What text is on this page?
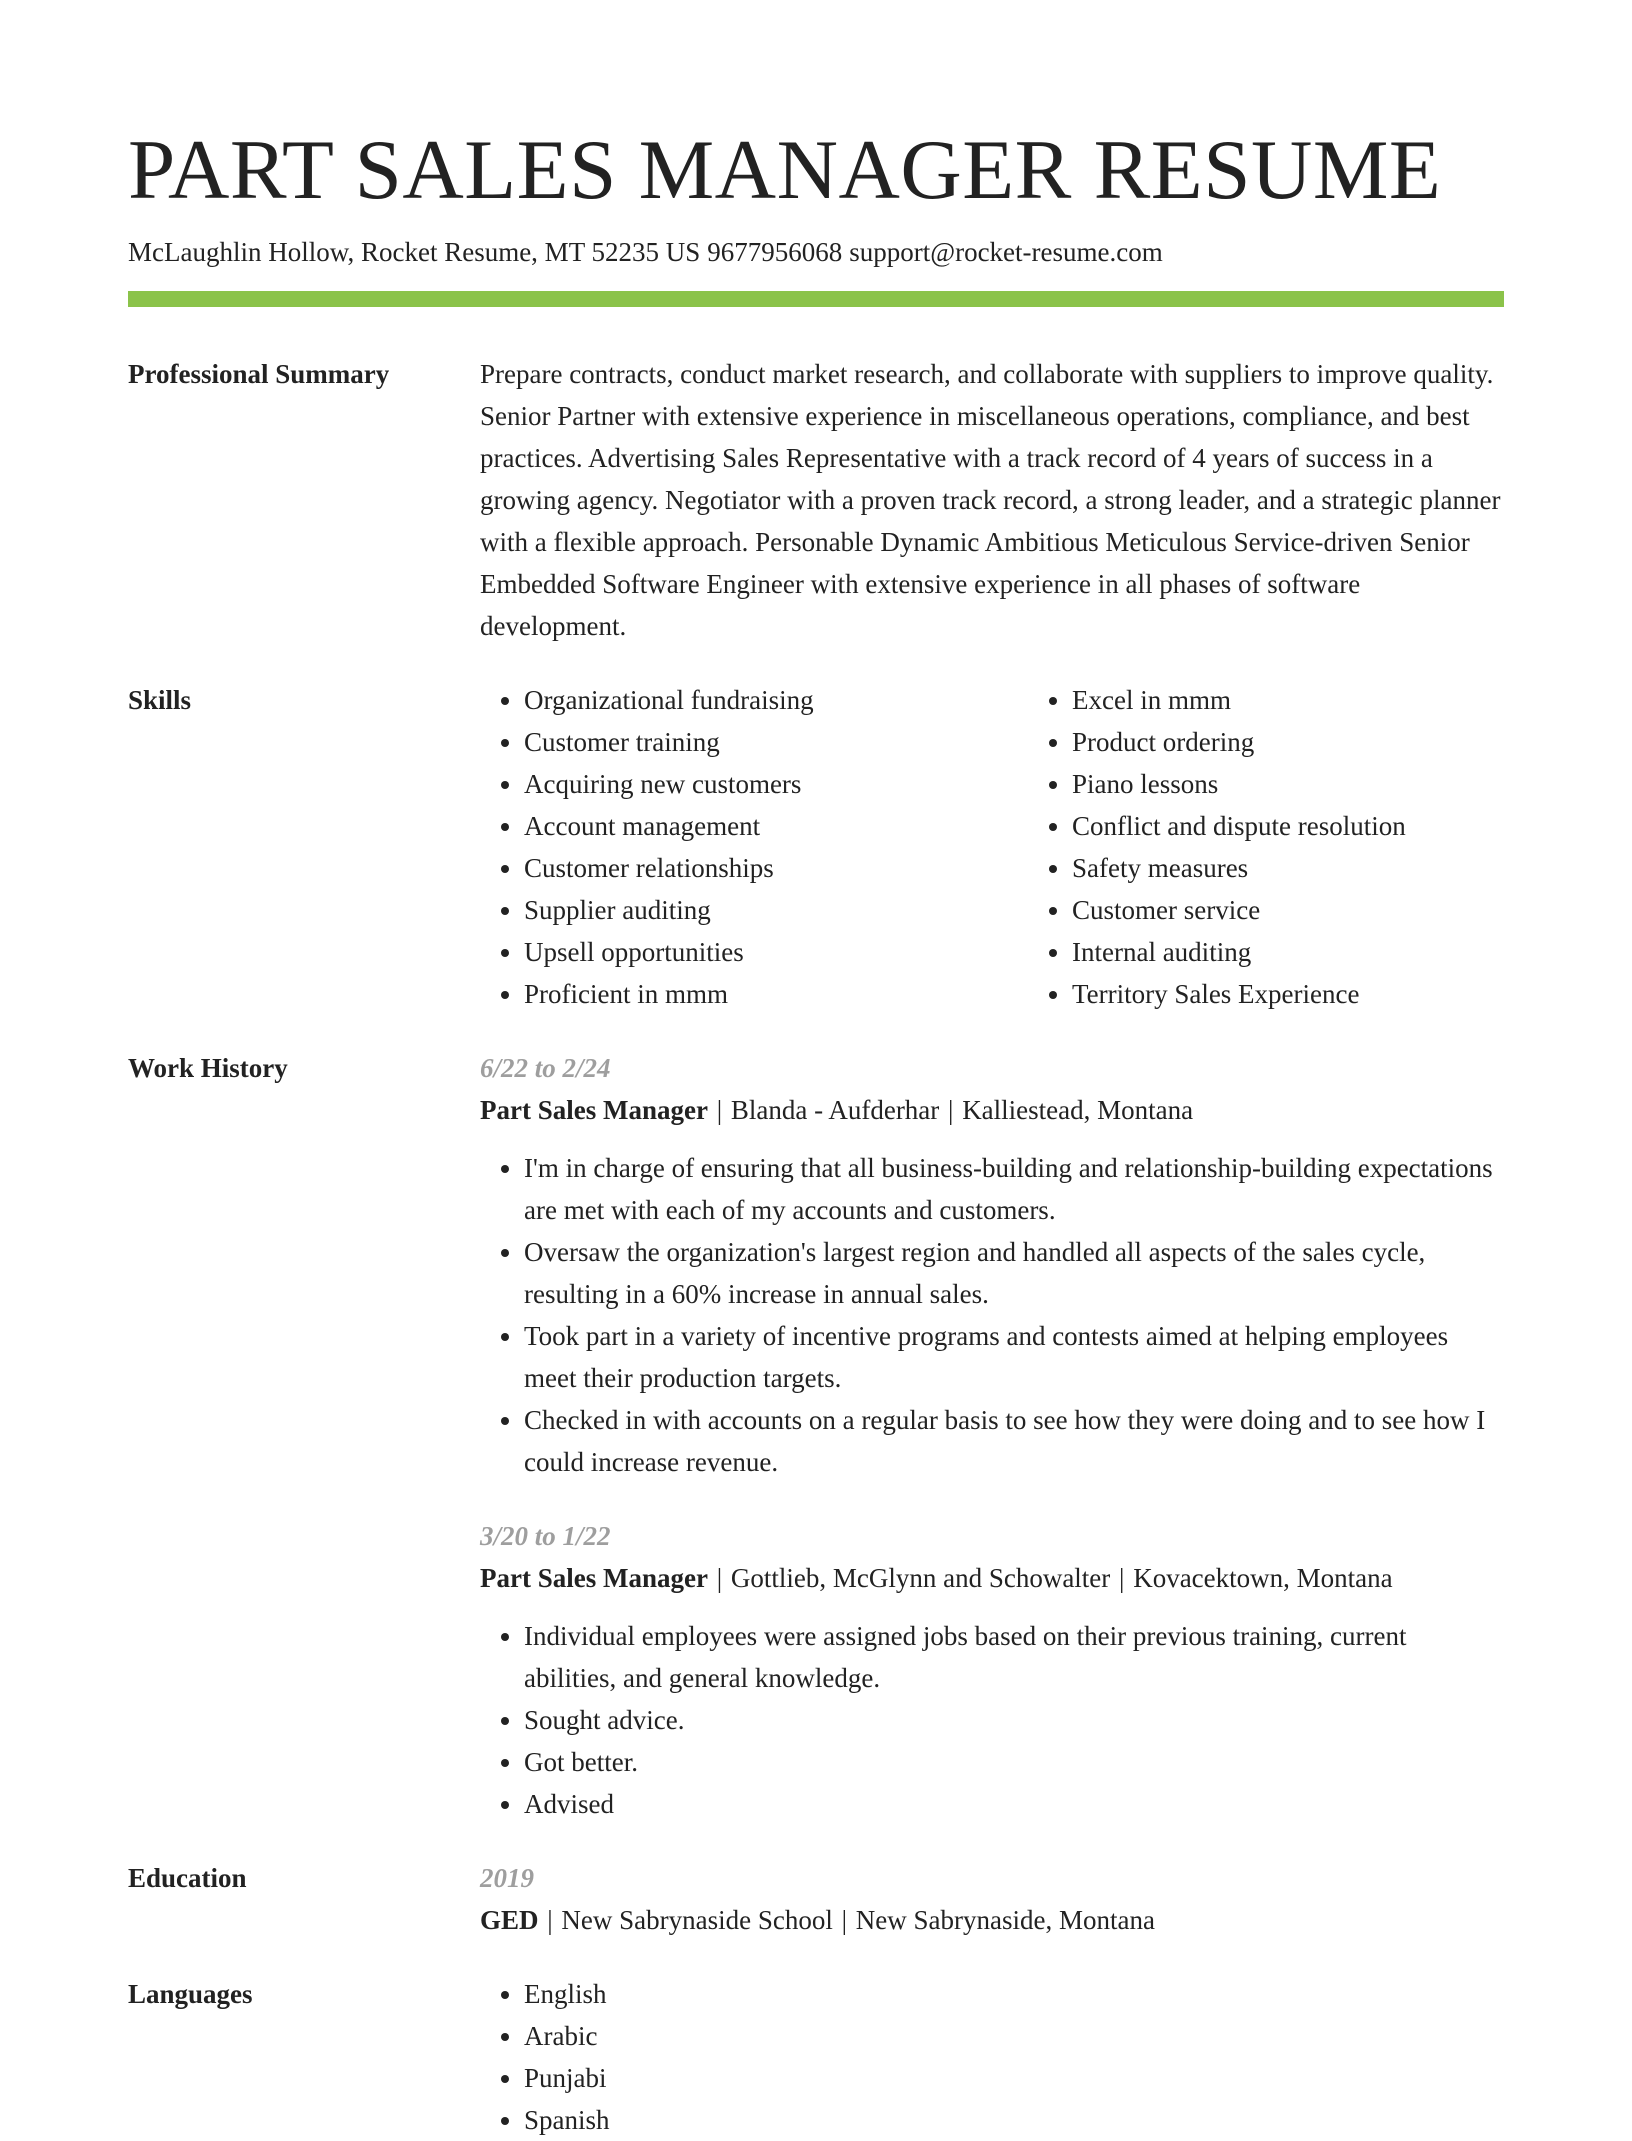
PART SALES MANAGER RESUME
McLaughlin Hollow, Rocket Resume, MT 52235 US 9677956068 support@rocket-resume.com
Professional Summary	Prepare contracts, conduct market research, and collaborate with suppliers to improve quality. Senior Partner with extensive experience in miscellaneous operations, compliance, and best practices. Advertising Sales Representative with a track record of 4 years of success in a growing agency. Negotiator with a proven track record, a strong leader, and a strategic planner with a flexible approach. Personable Dynamic Ambitious Meticulous Service-driven Senior Embedded Software Engineer with extensive experience in all phases of software development.

Skills	• Organizational fundraising
• Customer training
• Acquiring new customers
• Account management
• Customer relationships
• Supplier auditing
• Upsell opportunities
• Proficient in mmm
• Excel in mmm
• Product ordering
• Piano lessons
• Conflict and dispute resolution
• Safety measures
• Customer service
• Internal auditing
• Territory Sales Experience
Work History	6/22 to 2/24
Part Sales Manager | Blanda - Aufderhar | Kalliestead, Montana
• I'm in charge of ensuring that all business-building and relationship-building expectations are met with each of my accounts and customers.
• Oversaw the organization's largest region and handled all aspects of the sales cycle, resulting in a 60% increase in annual sales.
• Took part in a variety of incentive programs and contests aimed at helping employees meet their production targets.
• Checked in with accounts on a regular basis to see how they were doing and to see how I could increase revenue.
3/20 to 1/22
Part Sales Manager | Gottlieb, McGlynn and Schowalter | Kovacektown, Montana
• Individual employees were assigned jobs based on their previous training, current abilities, and general knowledge.
• Sought advice.
• Got better.
• Advised
Education	2019
GED | New Sabrynaside School | New Sabrynaside, Montana
Languages	• English
• Arabic
• Punjabi
• Spanish
